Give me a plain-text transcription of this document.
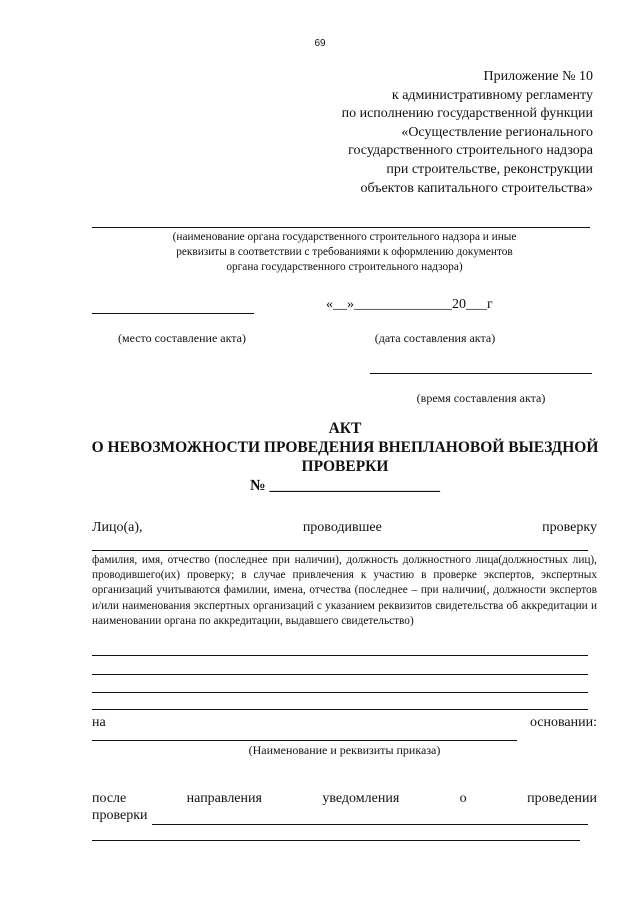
69
Приложение № 10
к административному регламенту
по исполнению государственной функции
«Осуществление регионального
государственного строительного надзора
при строительстве, реконструкции
объектов капитального строительства»
(наименование органа государственного строительного надзора и иные
реквизиты в соответствии с требованиями к оформлению документов
органа государственного строительного надзора)
«__»______________20___г
(место составление акта)	(дата составления акта)
(время составления акта)
АКТ
О НЕВОЗМОЖНОСТИ ПРОВЕДЕНИЯ ВНЕПЛАНОВОЙ ВЫЕЗДНОЙ
ПРОВЕРКИ
№ ______________________
Лицо(а),	проводившее	проверку
фамилия, имя, отчество (последнее при наличии), должность должностного лица(должностных лиц), проводившего(их) проверку; в случае привлечения к участию в проверке экспертов, экспертных организаций учитываются фамилии, имена, отчества (последнее – при наличии(, должности экспертов и/или наименования экспертных организаций с указанием реквизитов свидетельства об аккредитации и наименовании органа по аккредитации, выдавшего свидетельство)
на	основании:
(Наименование и реквизиты приказа)
после	направления	уведомления	о	проведении
проверки
